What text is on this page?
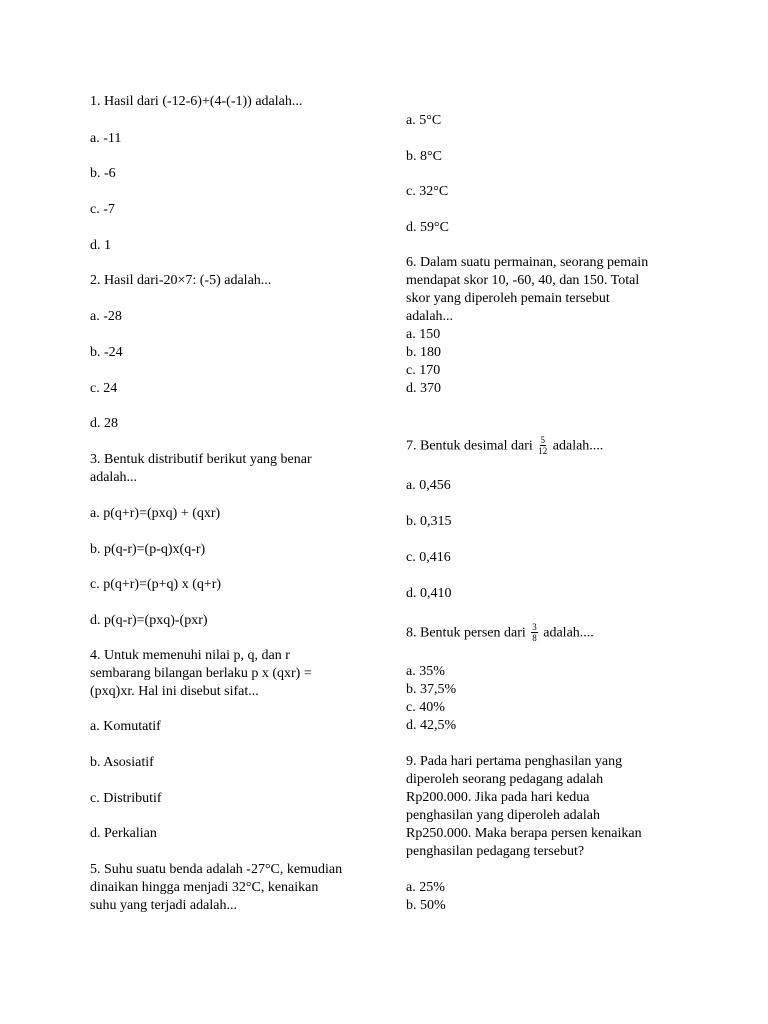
1. Hasil dari (-12-6)+(4-(-1)) adalah...
a. -11
b. -6
c. -7
d. 1
2. Hasil dari-20×7: (-5) adalah...
a. -28
b. -24
c. 24
d. 28
3. Bentuk distributif berikut yang benar
adalah...
a. p(q+r)=(pxq) + (qxr)
b. p(q-r)=(p-q)x(q-r)
c. p(q+r)=(p+q) x (q+r)
d. p(q-r)=(pxq)-(pxr)
4. Untuk memenuhi nilai p, q, dan r
sembarang bilangan berlaku p x (qxr) =
(pxq)xr. Hal ini disebut sifat...
a. Komutatif
b. Asosiatif
c. Distributif
d. Perkalian
5. Suhu suatu benda adalah -27°C, kemudian
dinaikan hingga menjadi 32°C, kenaikan
suhu yang terjadi adalah...
a. 5°C
b. 8°C
c. 32°C
d. 59°C
6. Dalam suatu permainan, seorang pemain
mendapat skor 10, -60, 40, dan 150. Total
skor yang diperoleh pemain tersebut
adalah...
a. 150
b. 180
c. 170
d. 370
a. 0,456
b. 0,315
c. 0,416
d. 0,410
a. 35%
b. 37,5%
c. 40%
d. 42,5%
9. Pada hari pertama penghasilan yang
diperoleh seorang pedagang adalah
Rp200.000. Jika pada hari kedua
penghasilan yang diperoleh adalah
Rp250.000. Maka berapa persen kenaikan
penghasilan pedagang tersebut?
a. 25%
b. 50%
7. Bentuk desimal dari $\frac{5}{12}$ adalah....
8. Bentuk persen dari $\frac{3}{8}$ adalah....
